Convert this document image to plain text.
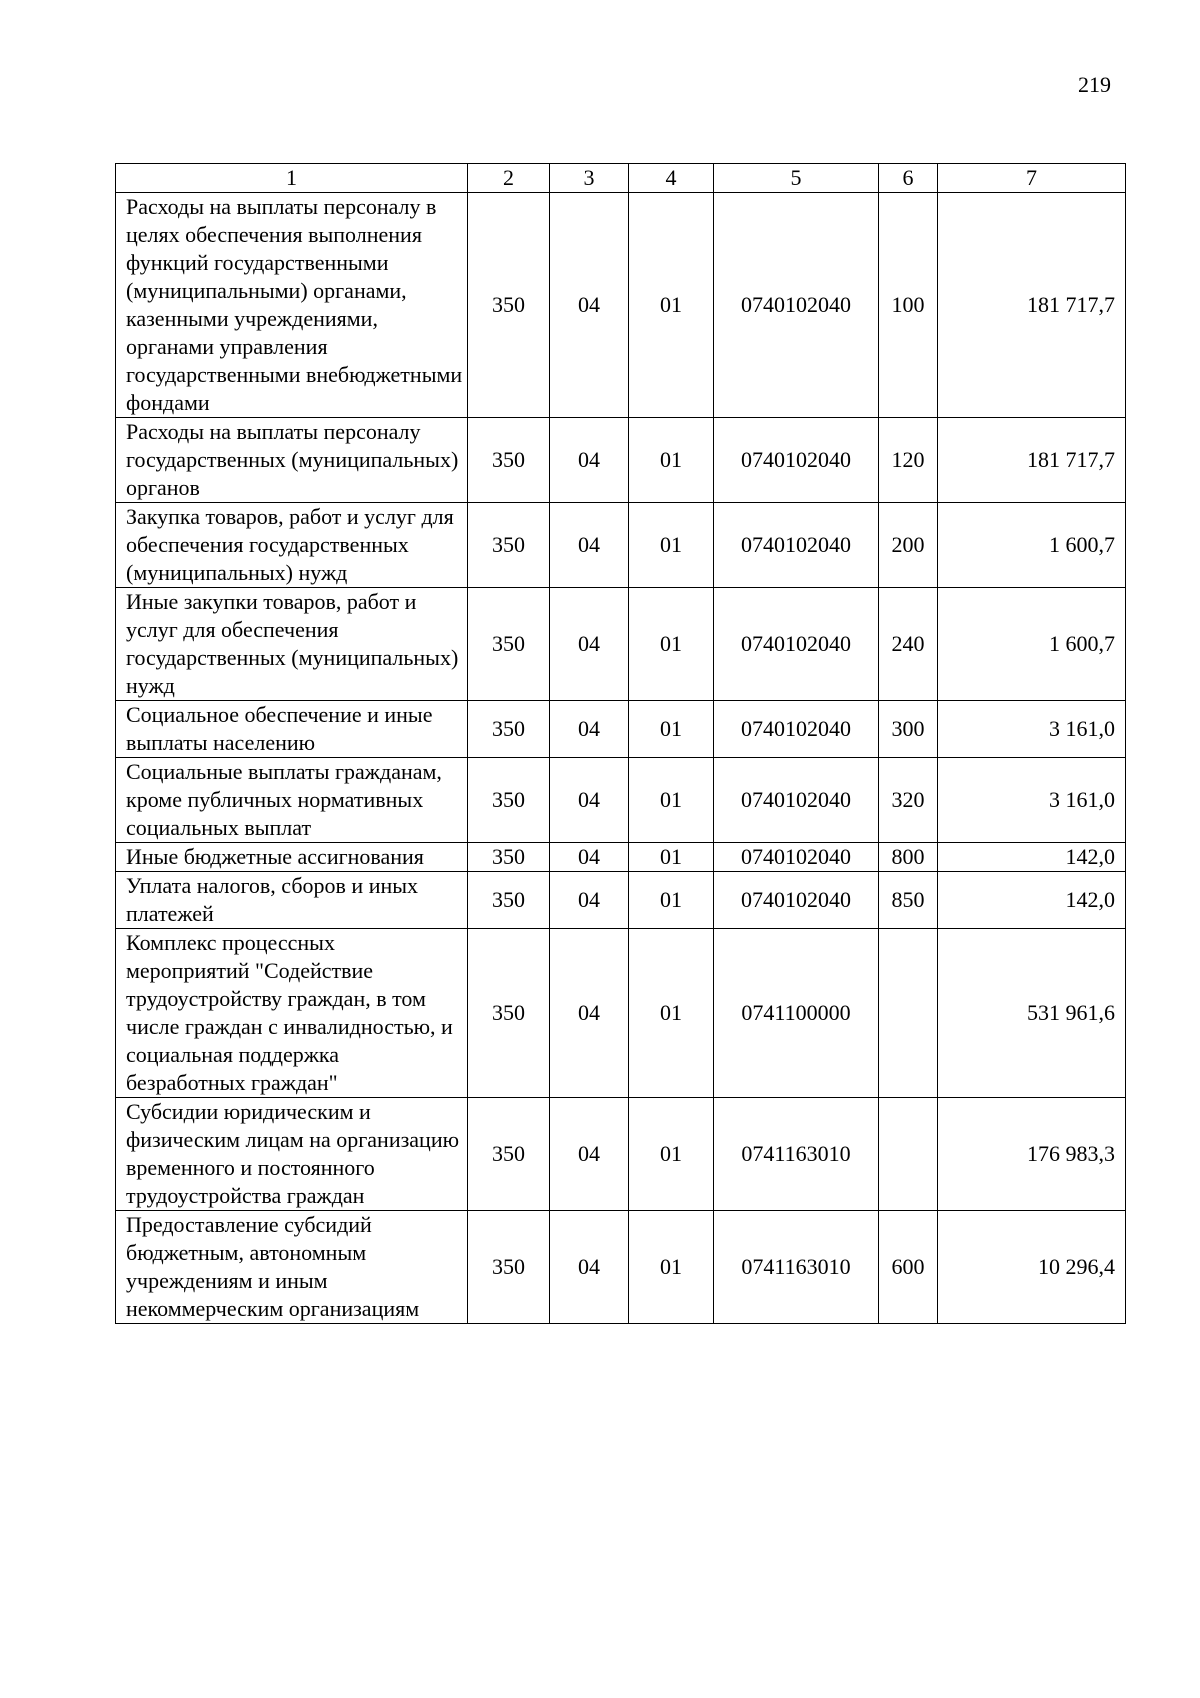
219
1	2	3	4	5	6	7
Расходы на выплаты персоналу в целях обеспечения выполнения функций государственными (муниципальными) органами, казенными учреждениями, органами управления государственными внебюджетными фондами	350	04	01	0740102040	100	181 717,7
Расходы на выплаты персоналу государственных (муниципальных) органов	350	04	01	0740102040	120	181 717,7
Закупка товаров, работ и услуг для обеспечения государственных (муниципальных) нужд	350	04	01	0740102040	200	1 600,7
Иные закупки товаров, работ и услуг для обеспечения государственных (муниципальных) нужд	350	04	01	0740102040	240	1 600,7
Социальное обеспечение и иные выплаты населению	350	04	01	0740102040	300	3 161,0
Социальные выплаты гражданам, кроме публичных нормативных социальных выплат	350	04	01	0740102040	320	3 161,0
Иные бюджетные ассигнования	350	04	01	0740102040	800	142,0
Уплата налогов, сборов и иных платежей	350	04	01	0740102040	850	142,0
Комплекс процессных мероприятий "Содействие трудоустройству граждан, в том числе граждан с инвалидностью, и социальная поддержка безработных граждан"	350	04	01	0741100000		531 961,6
Субсидии юридическим и физическим лицам на организацию временного и постоянного трудоустройства граждан	350	04	01	0741163010		176 983,3
Предоставление субсидий бюджетным, автономным учреждениям и иным некоммерческим организациям	350	04	01	0741163010	600	10 296,4
